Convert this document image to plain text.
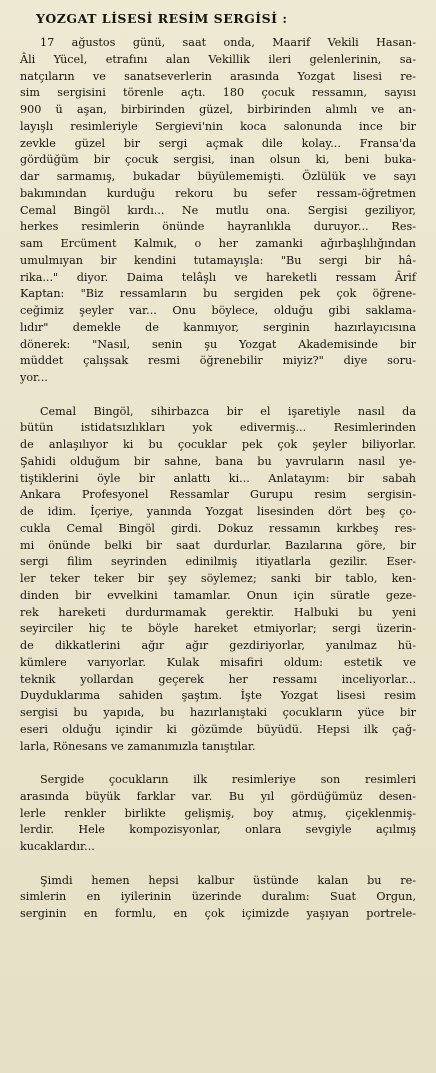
YOZGAT LİSESİ RESİM SERGİSİ :
17 ağustos günü, saat onda, Maarif Vekili Hasan-
Âli Yücel, etrafını alan Vekillik ileri gelenlerinin, sa-
natçıların ve sanatseverlerin arasında Yozgat lisesi re-
sim sergisini törenle açtı. 180 çocuk ressamın, sayısı
900 ü aşan, birbirinden güzel, birbirinden alımlı ve an-
layışlı resimleriyle Sergievi'nin koca salonunda ince bir
zevkle güzel bir sergi açmak dile kolay... Fransa'da
gördüğüm bir çocuk sergisi, inan olsun ki, beni buka-
dar sarmamış, bukadar büyülememişti. Özlülük ve sayı
bakımından kurduğu rekoru bu sefer ressam-öğretmen
Cemal Bingöl kırdı... Ne mutlu ona. Sergisi geziliyor,
herkes resimlerin önünde hayranlıkla duruyor... Res-
sam Ercüment Kalmık, o her zamanki ağırbaşlılığından
umulmıyan bir kendini tutamayışla: "Bu sergi bir hâ-
rika..." diyor. Daima telâşlı ve hareketli ressam Ârif
Kaptan: "Biz ressamların bu sergiden pek çok öğrene-
ceğimiz şeyler var... Onu böylece, olduğu gibi saklama-
lıdır" demekle de kanmıyor, serginin hazırlayıcısına
dönerek: "Nasıl, senin şu Yozgat Akademisinde bir
müddet çalışsak resmi öğrenebilir miyiz?" diye soru-
yor...
Cemal Bingöl, sihirbazca bir el işaretiyle nasıl da
bütün istidatsızlıkları yok edivermiş... Resimlerinden
de anlaşılıyor ki bu çocuklar pek çok şeyler biliyorlar.
Şahidi olduğum bir sahne, bana bu yavruların nasıl ye-
tiştiklerini öyle bir anlattı ki... Anlatayım: bir sabah
Ankara Profesyonel Ressamlar Gurupu resim sergisin-
de idim. İçeriye, yanında Yozgat lisesinden dört beş ço-
cukla Cemal Bingöl girdi. Dokuz ressamın kırkbeş res-
mi önünde belki bir saat durdurlar. Bazılarına göre, bir
sergi filim seyrinden edinilmiş itiyatlarla gezilir. Eser-
ler teker teker bir şey söylemez; sanki bir tablo, ken-
dinden bir evvelkini tamamlar. Onun için süratle geze-
rek hareketi durdurmamak gerektir. Halbuki bu yeni
seyirciler hiç te böyle hareket etmiyorlar; sergi üzerin-
de dikkatlerini ağır ağır gezdiriyorlar, yanılmaz hü-
kümlere varıyorlar. Kulak misafiri oldum: estetik ve
teknik yollardan geçerek her ressamı inceliyorlar...
Duyduklarıma sahiden şaştım. İşte Yozgat lisesi resim
sergisi bu yapıda, bu hazırlanıştaki çocukların yüce bir
eseri olduğu içindir ki gözümde büyüdü. Hepsi ilk çağ-
larla, Rönesans ve zamanımızla tanıştılar.
Sergide çocukların ilk resimleriye son resimleri
arasında büyük farklar var. Bu yıl gördüğümüz desen-
lerle renkler birlikte gelişmiş, boy atmış, çiçeklenmiş-
lerdir. Hele kompozisyonlar, onlara sevgiyle açılmış
kucaklardır...
Şimdi hemen hepsi kalbur üstünde kalan bu re-
simlerin en iyilerinin üzerinde duralım: Suat Orgun,
serginin en formlu, en çok içimizde yaşıyan portrele-
